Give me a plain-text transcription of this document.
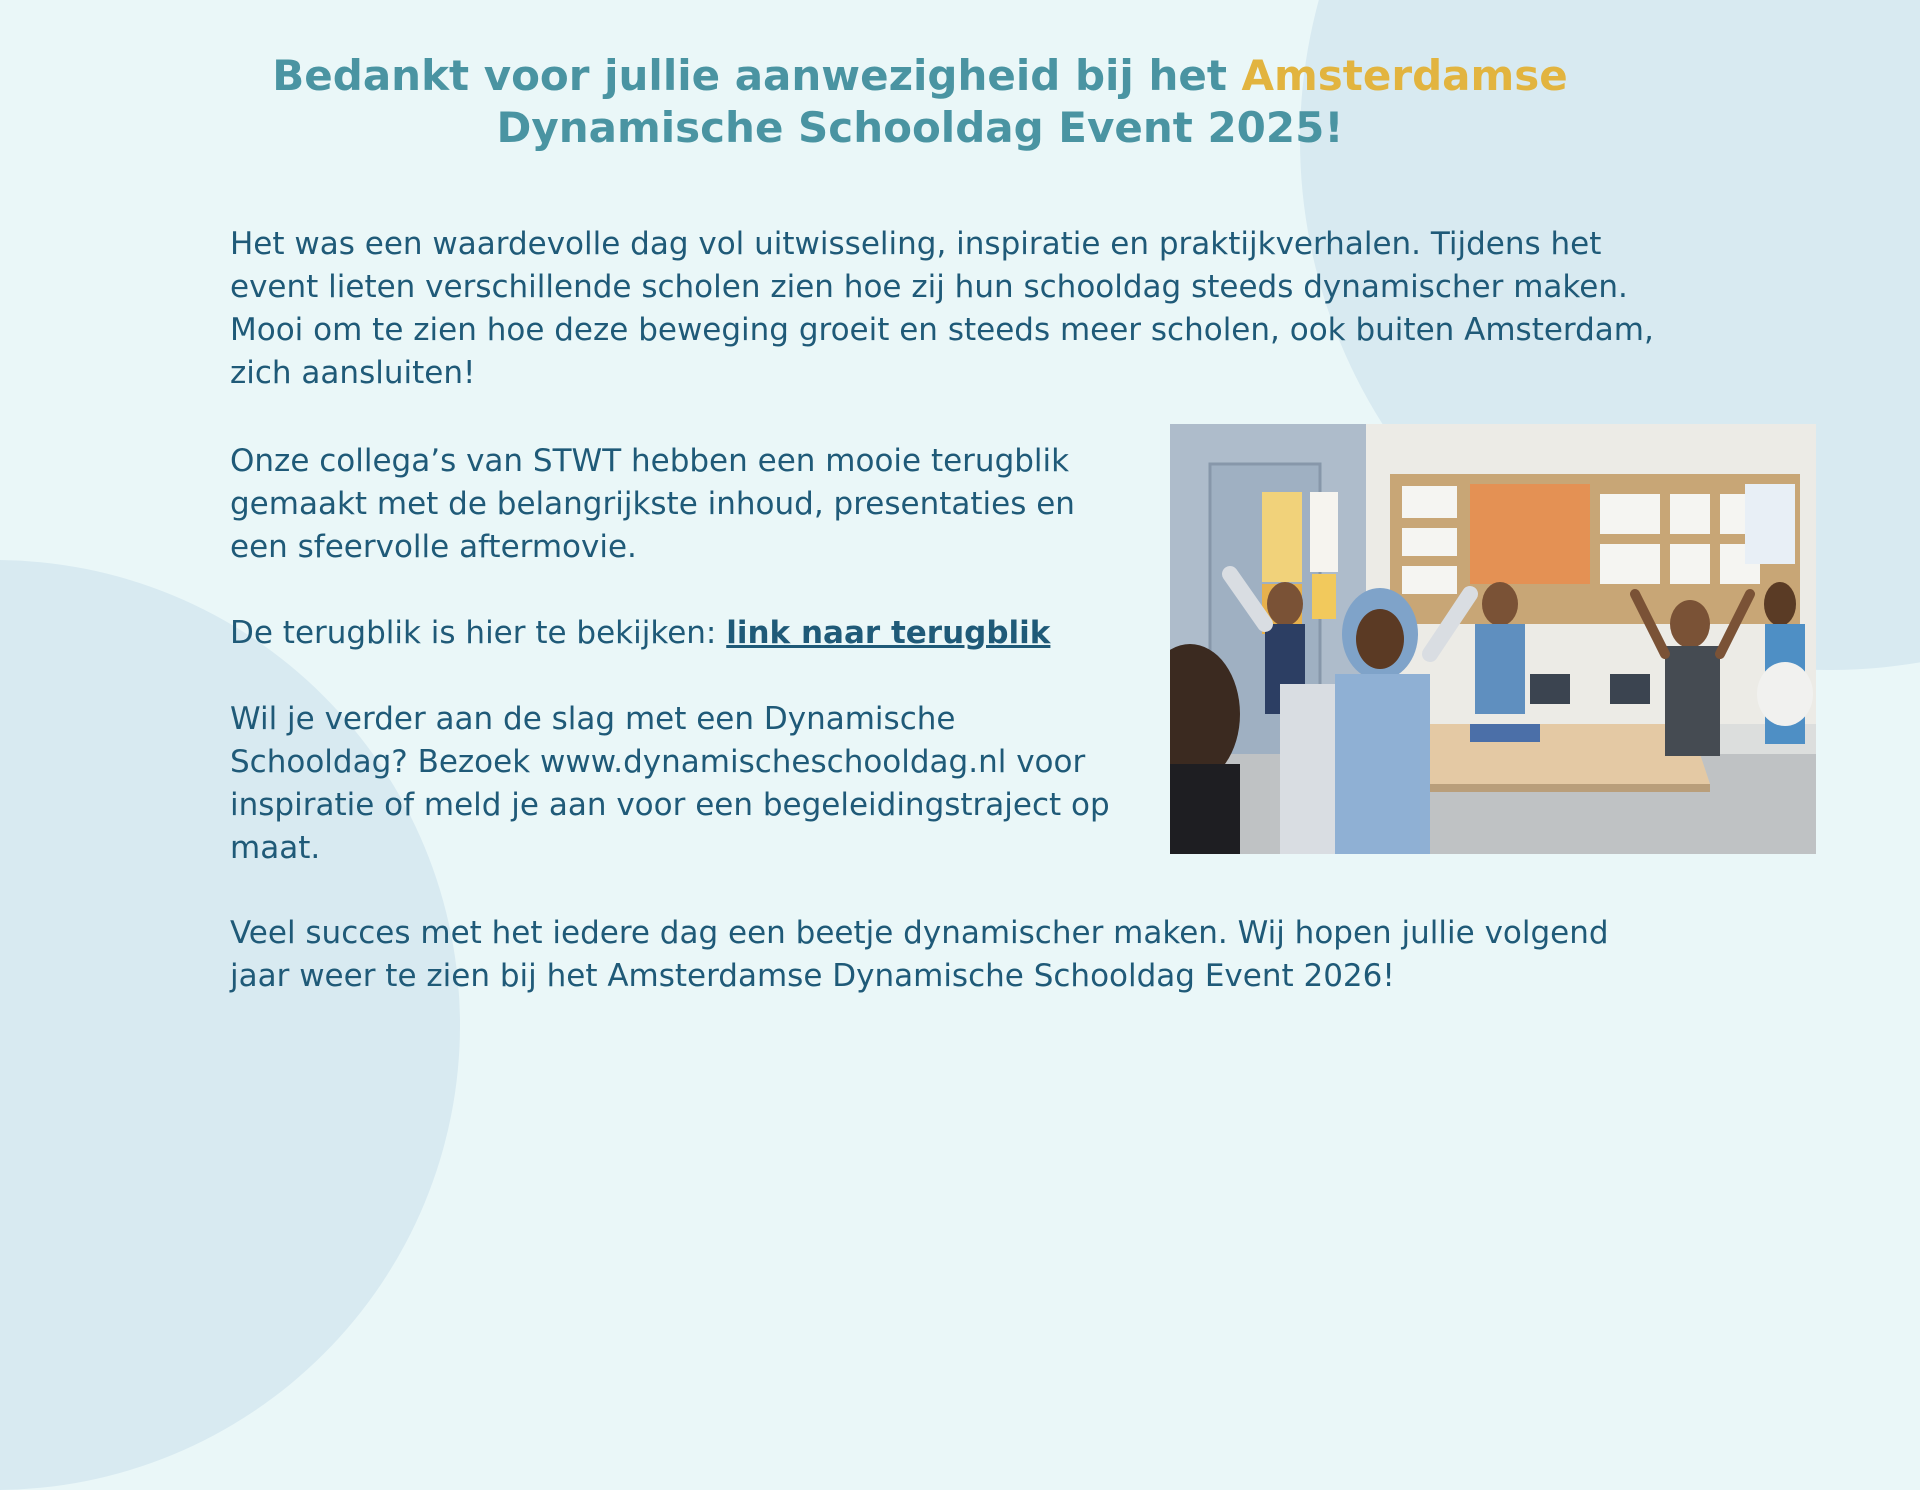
Bedankt voor jullie aanwezigheid bij het Amsterdamse
Dynamische Schooldag Event 2025!

Het was een waardevolle dag vol uitwisseling, inspiratie en praktijkverhalen. Tijdens het event lieten verschillende scholen zien hoe zij hun schooldag steeds dynamischer maken. Mooi om te zien hoe deze beweging groeit en steeds meer scholen, ook buiten Amsterdam, zich aansluiten!

Onze collega’s van STWT hebben een mooie terugblik gemaakt met de belangrijkste inhoud, presentaties en een sfeervolle aftermovie.

De terugblik is hier te bekijken: link naar terugblik

Wil je verder aan de slag met een Dynamische Schooldag? Bezoek www.dynamischeschooldag.nl voor inspiratie of meld je aan voor een begeleidingstraject op maat.

Veel succes met het iedere dag een beetje dynamischer maken. Wij hopen jullie volgend jaar weer te zien bij het Amsterdamse Dynamische Schooldag Event 2026!
